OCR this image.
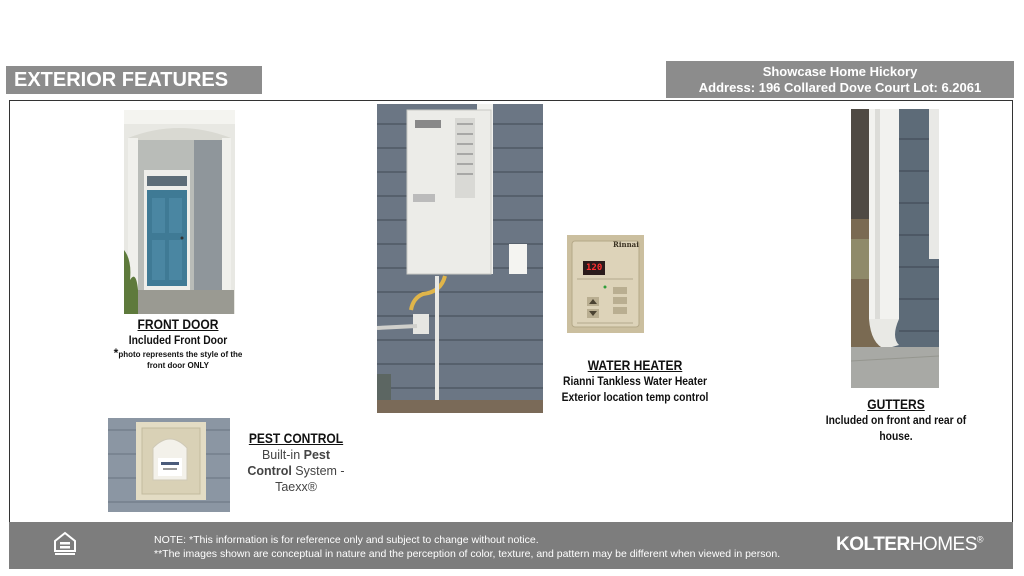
EXTERIOR FEATURES	Showcase Home Hickory
Address: 196 Collared Dove Court Lot: 6.2061
FRONT DOOR
Included Front Door
*photo represents the style of the
front door ONLY
Rinnai
120
WATER HEATER
Rianni Tankless Water Heater
Exterior location temp control	GUTTERS
Included on front and rear of house.
PEST CONTROL
Built-in Pest
Control System -
Taexx®
NOTE: *This information is for reference only and subject to change without notice.
**The images shown are conceptual in nature and the perception of color, texture, and pattern may be different when viewed in person.	KOLTERHOMES®
